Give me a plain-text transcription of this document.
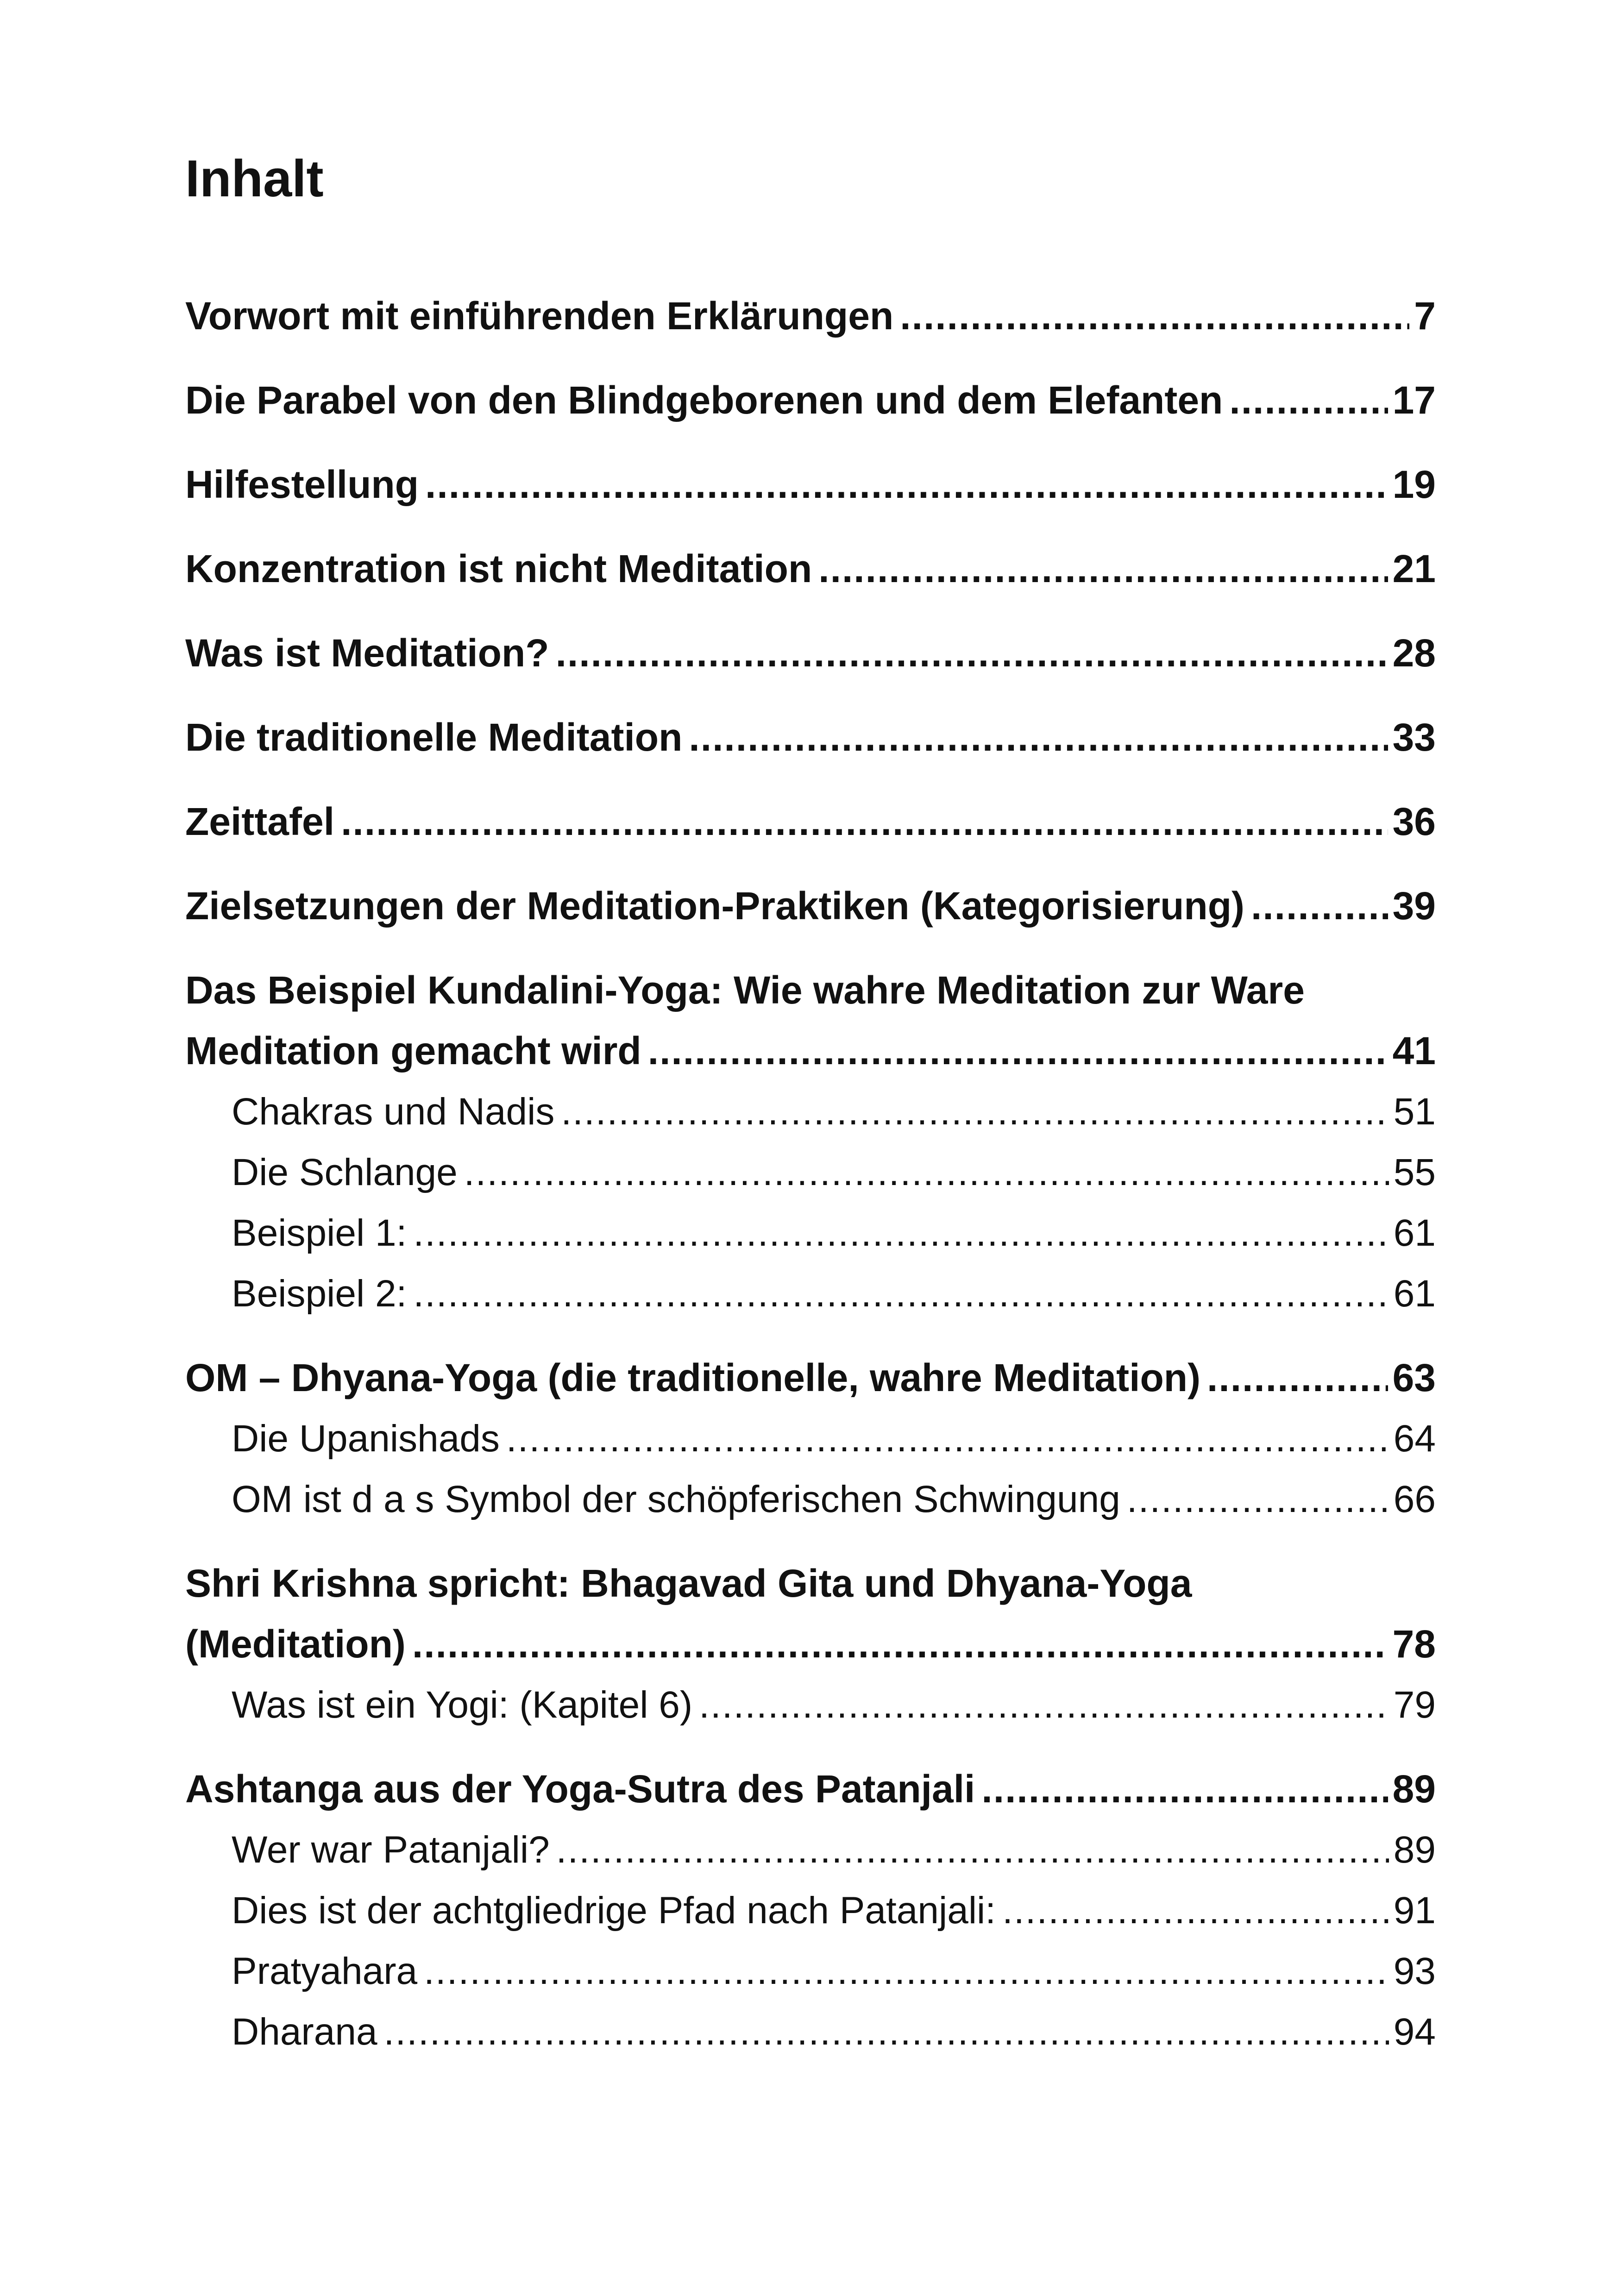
Inhalt
Vorwort mit einführenden Erklärungen .....	7
Die Parabel von den Blindgeborenen und dem Elefanten .....	17
Hilfestellung .....	19
Konzentration ist nicht Meditation .....	21
Was ist Meditation? .....	28
Die traditionelle Meditation .....	33
Zeittafel .....	36
Zielsetzungen der Meditation-Praktiken (Kategorisierung) .....	39
Das Beispiel Kundalini-Yoga: Wie wahre Meditation zur Ware
Meditation gemacht wird .....	41
Chakras und Nadis .....	51
Die Schlange .....	55
Beispiel 1: .....	61
Beispiel 2: .....	61
OM – Dhyana-Yoga (die traditionelle, wahre Meditation) .....	63
Die Upanishads .....	64
OM ist d a s Symbol der schöpferischen Schwingung .....	66
Shri Krishna spricht: Bhagavad Gita und Dhyana-Yoga
(Meditation) .....	78
Was ist ein Yogi: (Kapitel 6) .....	79
Ashtanga aus der Yoga-Sutra des Patanjali .....	89
Wer war Patanjali? .....	89
Dies ist der achtgliedrige Pfad nach Patanjali: .....	91
Pratyahara .....	93
Dharana .....	94
